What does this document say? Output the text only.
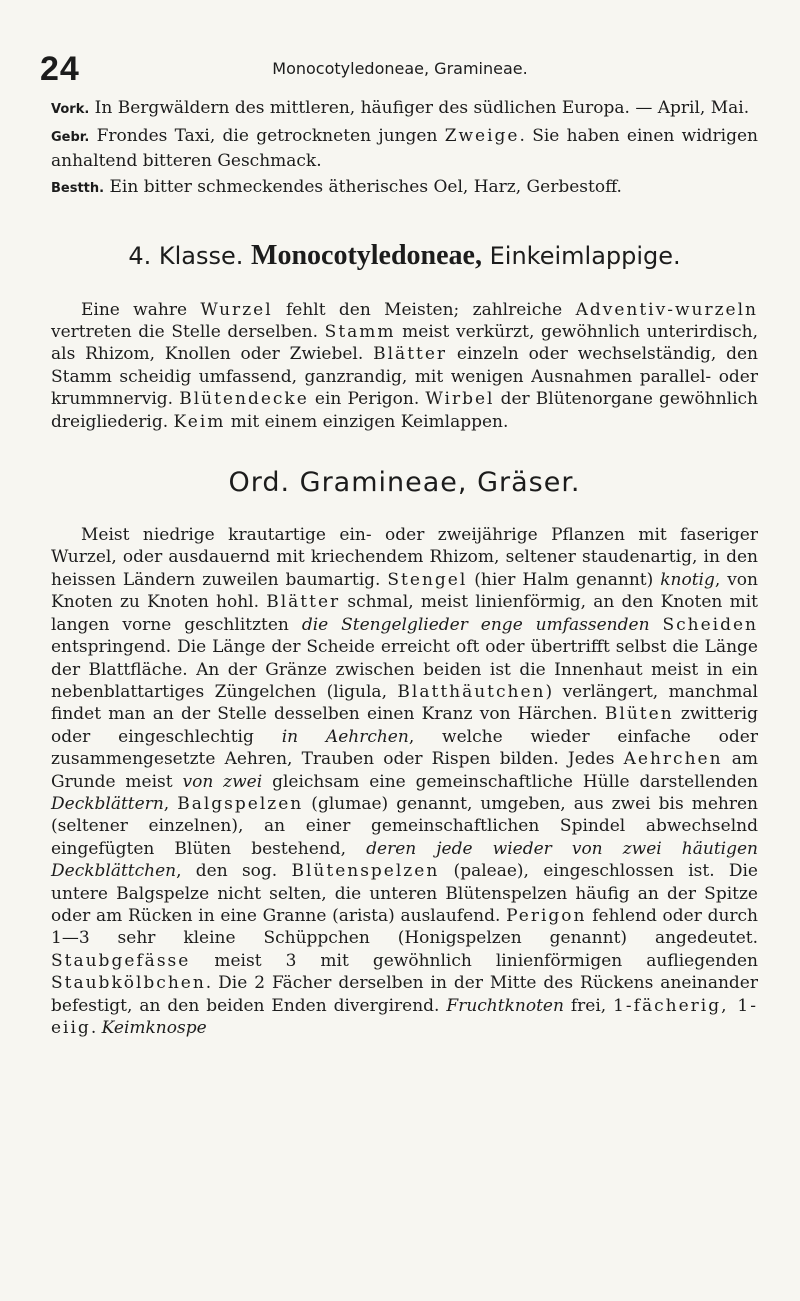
24	Monocotyledoneae, Gramineae.

Vork. In Bergwäldern des mittleren, häufiger des südlichen Europa. — April, Mai.

Gebr. Frondes Taxi, die getrockneten jungen Zweige. Sie haben einen widrigen anhaltend bitteren Geschmack.

Bestth. Ein bitter schmeckendes ätherisches Oel, Harz, Gerbestoff.

4. Klasse. Monocotyledoneae, Einkeimlappige.

Eine wahre Wurzel fehlt den Meisten; zahlreiche Adventiv-wurzeln vertreten die Stelle derselben. Stamm meist verkürzt, gewöhnlich unterirdisch, als Rhizom, Knollen oder Zwiebel. Blätter einzeln oder wechselständig, den Stamm scheidig umfassend, ganzrandig, mit wenigen Ausnahmen parallel- oder krummnervig. Blütendecke ein Perigon. Wirbel der Blütenorgane gewöhnlich dreigliederig. Keim mit einem einzigen Keimlappen.

Ord. Gramineae, Gräser.

Meist niedrige krautartige ein- oder zweijährige Pflanzen mit faseriger Wurzel, oder ausdauernd mit kriechendem Rhizom, seltener staudenartig, in den heissen Ländern zuweilen baumartig. Stengel (hier Halm genannt) knotig, von Knoten zu Knoten hohl. Blätter schmal, meist linienförmig, an den Knoten mit langen vorne geschlitzten die Stengelglieder enge umfassenden Scheiden entspringend. Die Länge der Scheide erreicht oft oder übertrifft selbst die Länge der Blattfläche. An der Gränze zwischen beiden ist die Innenhaut meist in ein nebenblattartiges Züngelchen (ligula, Blatthäutchen) verlängert, manchmal findet man an der Stelle desselben einen Kranz von Härchen. Blüten zwitterig oder eingeschlechtig in Aehrchen, welche wieder einfache oder zusammengesetzte Aehren, Trauben oder Rispen bilden. Jedes Aehrchen am Grunde meist von zwei gleichsam eine gemeinschaftliche Hülle darstellenden Deckblättern, Balgspelzen (glumae) genannt, umgeben, aus zwei bis mehren (seltener einzelnen), an einer gemeinschaftlichen Spindel abwechselnd eingefügten Blüten bestehend, deren jede wieder von zwei häutigen Deckblättchen, den sog. Blütenspelzen (paleae), eingeschlossen ist. Die untere Balgspelze nicht selten, die unteren Blütenspelzen häufig an der Spitze oder am Rücken in eine Granne (arista) auslaufend. Perigon fehlend oder durch 1—3 sehr kleine Schüppchen (Honigspelzen genannt) angedeutet. Staubgefässe meist 3 mit gewöhnlich linienförmigen aufliegenden Staubkölbchen. Die 2 Fächer derselben in der Mitte des Rückens aneinander befestigt, an den beiden Enden divergirend. Fruchtknoten frei, 1-fächerig, 1-eiig. Keimknospe
